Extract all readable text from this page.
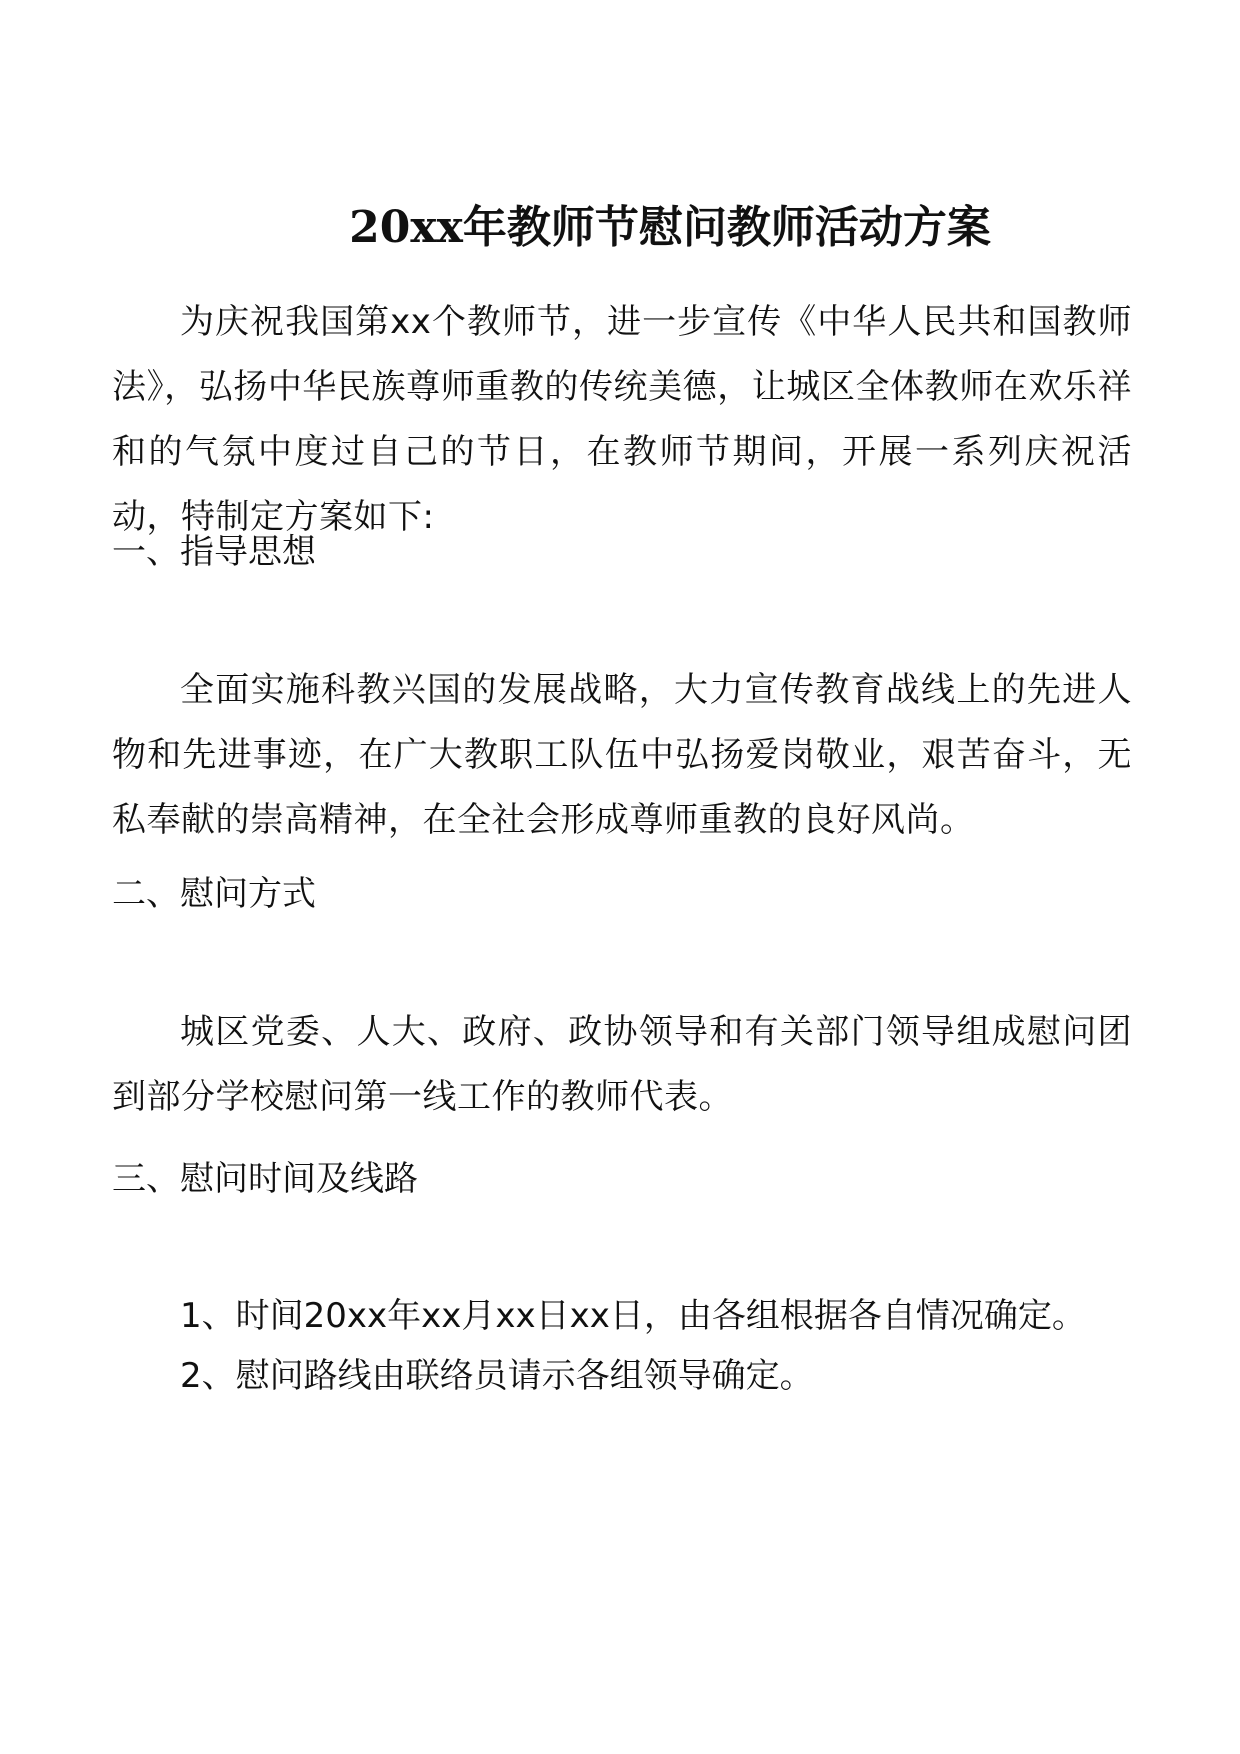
20xx年教师节慰问教师活动方案

为庆祝我国第xx个教师节，进一步宣传《中华人民共和国教师法》，弘扬中华民族尊师重教的传统美德，让城区全体教师在欢乐祥和的气氛中度过自己的节日，在教师节期间，开展一系列庆祝活动，特制定方案如下:

一、指导思想

全面实施科教兴国的发展战略，大力宣传教育战线上的先进人物和先进事迹，在广大教职工队伍中弘扬爱岗敬业，艰苦奋斗，无私奉献的崇高精神，在全社会形成尊师重教的良好风尚。

二、慰问方式

城区党委、人大、政府、政协领导和有关部门领导组成慰问团到部分学校慰问第一线工作的教师代表。

三、慰问时间及线路

1、时间20xx年xx月xx日xx日，由各组根据各自情况确定。

2、慰问路线由联络员请示各组领导确定。
